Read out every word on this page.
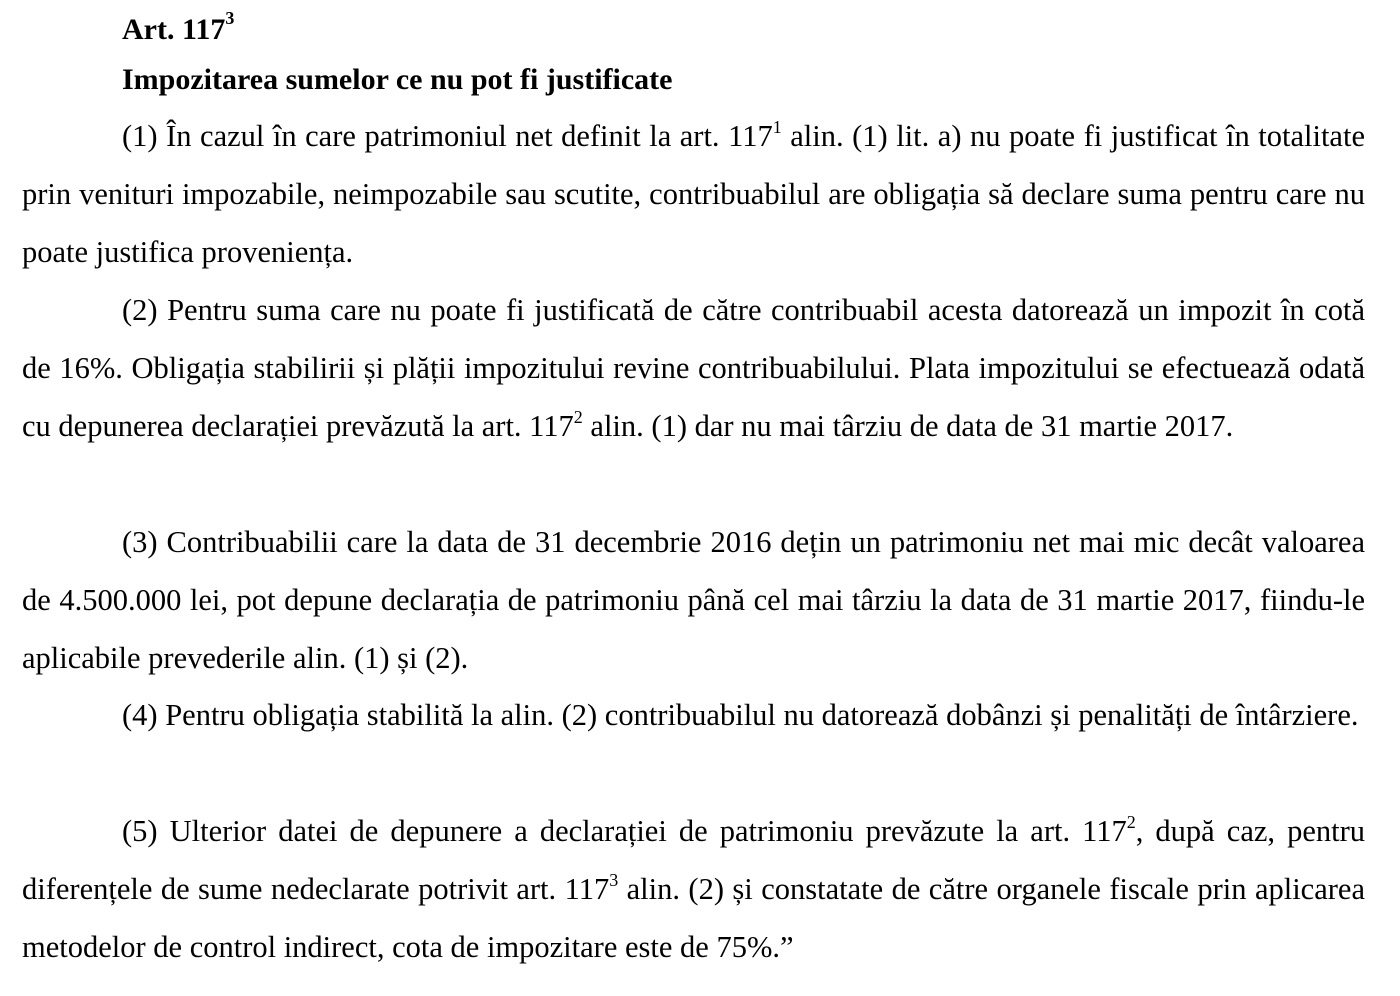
Art. $117^3$
Impozitarea sumelor ce nu pot fi justificate

(1) În cazul în care patrimoniul net definit la art. $117^1$ alin. (1) lit. a) nu poate fi justificat în totalitate prin venituri impozabile, neimpozabile sau scutite, contribuabilul are obligația să declare suma pentru care nu poate justifica proveniența.

(2) Pentru suma care nu poate fi justificată de către contribuabil acesta datorează un impozit în cotă de 16%. Obligația stabilirii și plății impozitului revine contribuabilului. Plata impozitului se efectuează odată cu depunerea declarației prevăzută la art. $117^2$ alin. (1) dar nu mai târziu de data de 31 martie 2017.

(3) Contribuabilii care la data de 31 decembrie 2016 dețin un patrimoniu net mai mic decât valoarea de 4.500.000 lei, pot depune declarația de patrimoniu până cel mai târziu la data de 31 martie 2017, fiindu-le aplicabile prevederile alin. (1) și (2).

(4) Pentru obligația stabilită la alin. (2) contribuabilul nu datorează dobânzi și penalități de întârziere.

(5) Ulterior datei de depunere a declarației de patrimoniu prevăzute la art. $117^2$, după caz, pentru diferențele de sume nedeclarate potrivit art. $117^3$ alin. (2) și constatate de către organele fiscale prin aplicarea metodelor de control indirect, cota de impozitare este de 75%.”
